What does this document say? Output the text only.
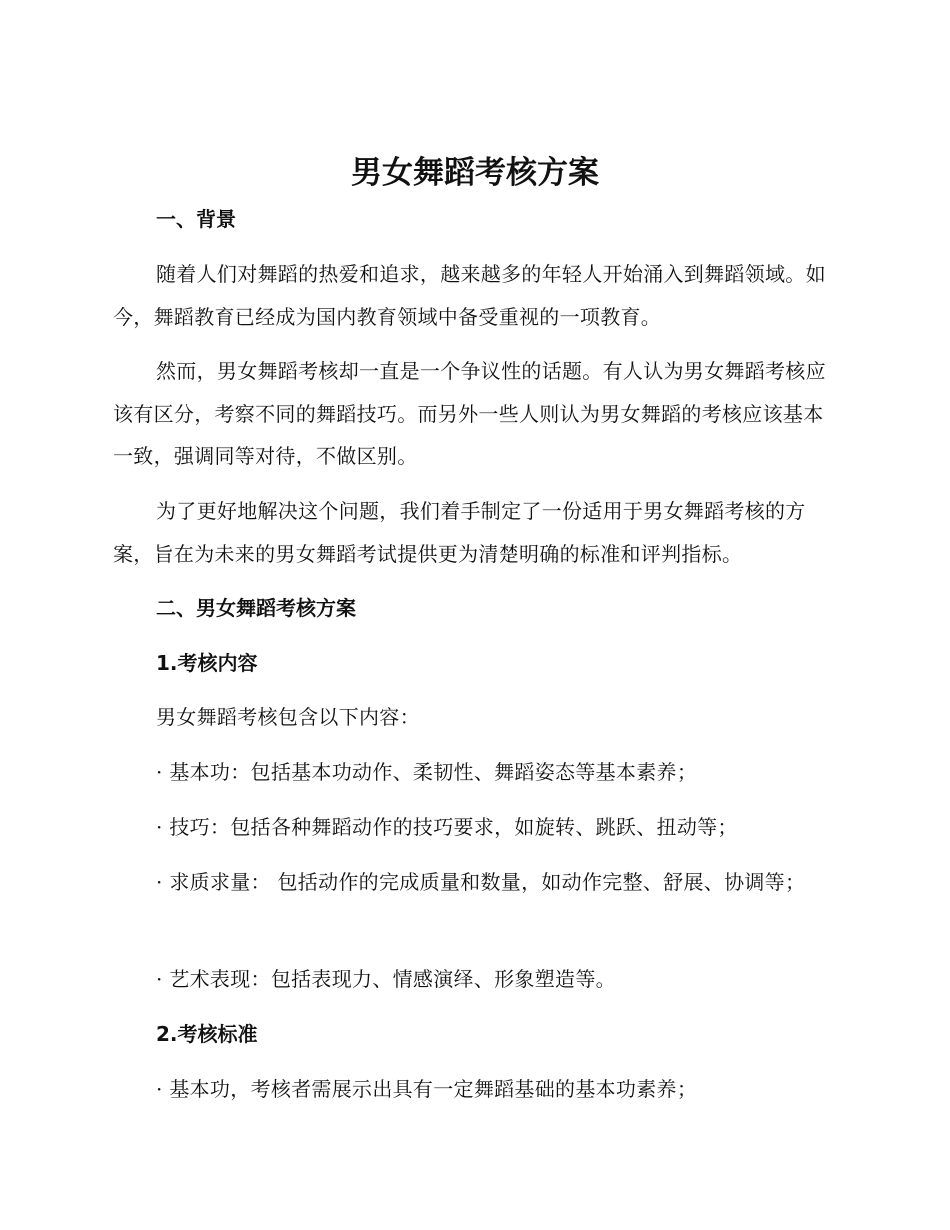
男女舞蹈考核方案
一、背景

随着人们对舞蹈的热爱和追求，越来越多的年轻人开始涌入到舞蹈领域。如今，舞蹈教育已经成为国内教育领域中备受重视的一项教育。

然而，男女舞蹈考核却一直是一个争议性的话题。有人认为男女舞蹈考核应该有区分，考察不同的舞蹈技巧。而另外一些人则认为男女舞蹈的考核应该基本一致，强调同等对待，不做区别。

为了更好地解决这个问题，我们着手制定了一份适用于男女舞蹈考核的方案，旨在为未来的男女舞蹈考试提供更为清楚明确的标准和评判指标。

二、男女舞蹈考核方案
1.考核内容

男女舞蹈考核包含以下内容：

· 基本功：包括基本功动作、柔韧性、舞蹈姿态等基本素养；

· 技巧：包括各种舞蹈动作的技巧要求，如旋转、跳跃、扭动等；

· 求质求量： 包括动作的完成质量和数量，如动作完整、舒展、协调等；

· 艺术表现：包括表现力、情感演绎、形象塑造等。

2.考核标准

· 基本功，考核者需展示出具有一定舞蹈基础的基本功素养；
